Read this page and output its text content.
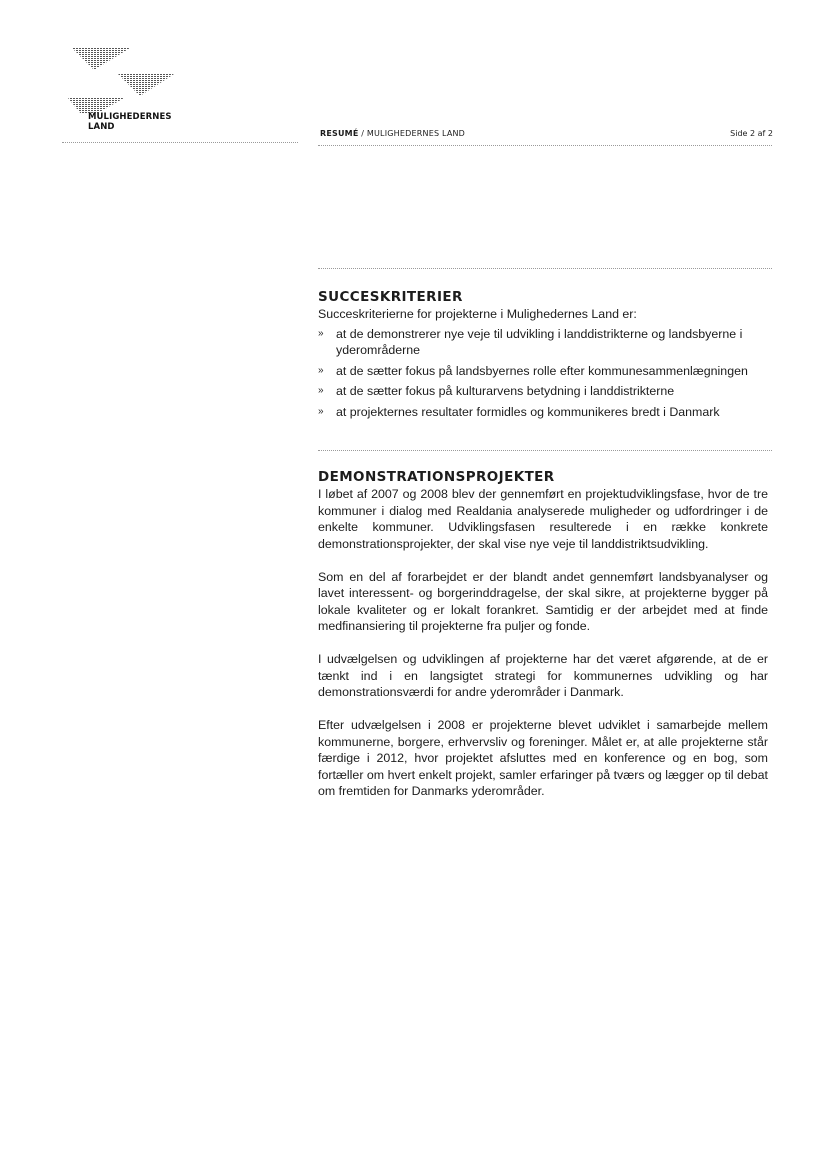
MULIGHEDERNES
LAND
RESUMÉ / MULIGHEDERNES LAND	Side 2 af 2
SUCCESKRITERIER

Succeskriterierne for projekterne i Mulighedernes Land er:

» at de demonstrerer nye veje til udvikling i landdistrikterne og landsbyerne i yderområderne
» at de sætter fokus på landsbyernes rolle efter kommunesammenlægningen
» at de sætter fokus på kulturarvens betydning i landdistrikterne
» at projekternes resultater formidles og kommunikeres bredt i Danmark
DEMONSTRATIONSPROJEKTER

I løbet af 2007 og 2008 blev der gennemført en projektudviklingsfase, hvor de tre kommuner i dialog med Realdania analyserede muligheder og udfordringer i de enkelte kommuner. Udviklingsfasen resulterede i en række konkrete demonstrationsprojekter, der skal vise nye veje til landdistriktsudvikling.

Som en del af forarbejdet er der blandt andet gennemført landsbyanalyser og lavet interessent- og borgerinddragelse, der skal sikre, at projekterne bygger på lokale kvaliteter og er lokalt forankret. Samtidig er der arbejdet med at finde medfinansiering til projekterne fra puljer og fonde.

I udvælgelsen og udviklingen af projekterne har det været afgørende, at de er tænkt ind i en langsigtet strategi for kommunernes udvikling og har demonstrationsværdi for andre yderområder i Danmark.

Efter udvælgelsen i 2008 er projekterne blevet udviklet i samarbejde mellem kommunerne, borgere, erhvervsliv og foreninger. Målet er, at alle projekterne står færdige i 2012, hvor projektet afsluttes med en konference og en bog, som fortæller om hvert enkelt projekt, samler erfaringer på tværs og lægger op til debat om fremtiden for Danmarks yderområder.
